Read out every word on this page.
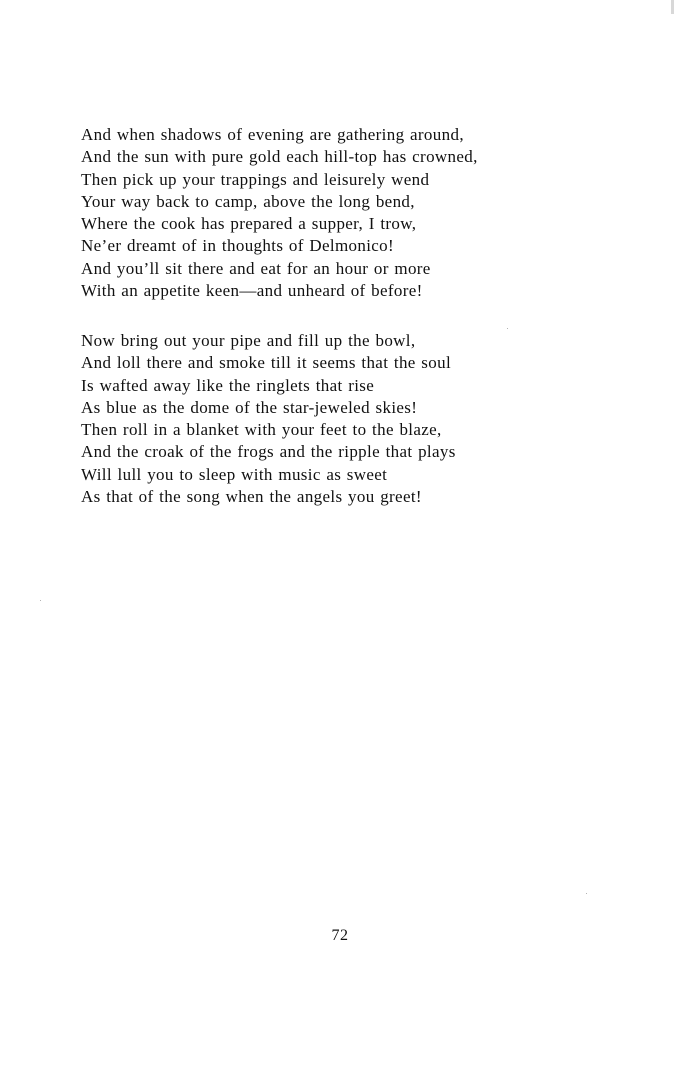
And when shadows of evening are gathering around,
And the sun with pure gold each hill-top has crowned,
Then pick up your trappings and leisurely wend
Your way back to camp, above the long bend,
Where the cook has prepared a supper, I trow,
Ne’er dreamt of in thoughts of Delmonico!
And you’ll sit there and eat for an hour or more
With an appetite keen—and unheard of before!
Now bring out your pipe and fill up the bowl,
And loll there and smoke till it seems that the soul
Is wafted away like the ringlets that rise
As blue as the dome of the star-jeweled skies!
Then roll in a blanket with your feet to the blaze,
And the croak of the frogs and the ripple that plays
Will lull you to sleep with music as sweet
As that of the song when the angels you greet!
72
